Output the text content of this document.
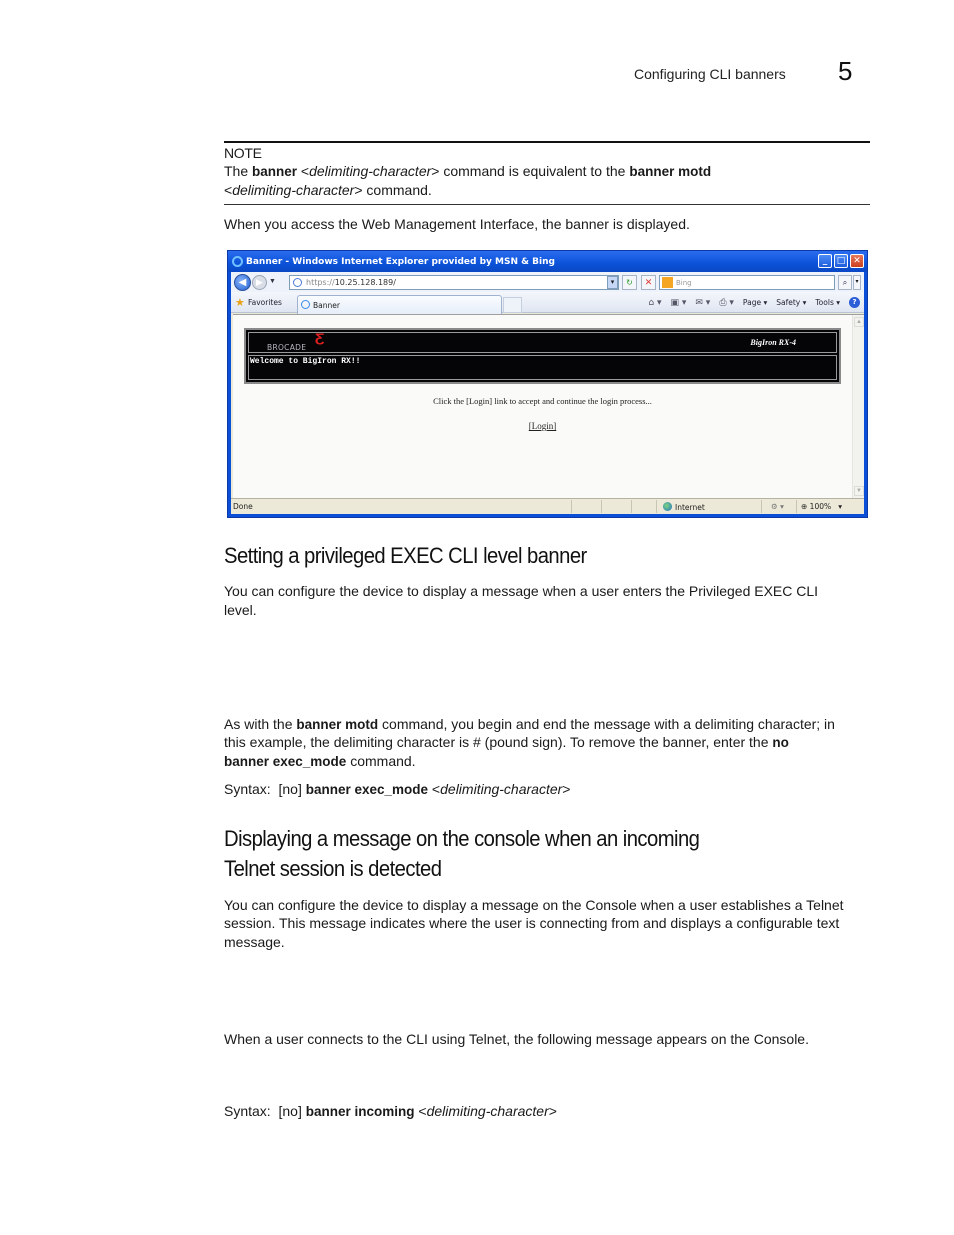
Configuring CLI banners 5
NOTE
The banner <delimiting-character> command is equivalent to the banner motd
<delimiting-character> command.
When you access the Web Management Interface, the banner is displayed.
Banner - Windows Internet Explorer provided by MSN & Bing	_	□ ✕
◀	▶ ▼	https://10.25.128.189/	▾	↻	✕	Bing	⌕	▾
★ Favorites	Banner	⌂ ▾ ▣ ▾ ✉ ▾ ⎙ ▾ Page ▾ Safety ▾ Tools ▾	?
BROCADE
Ƹ	BigIron RX-4
Welcome to BigIron RX!!
Click the [Login] link to accept and continue the login process...
[Login]
▲
▼
Done	Internet	⚙ ▾ ⊕ 100%   ▾
Setting a privileged EXEC CLI level banner
You can configure the device to display a message when a user enters the Privileged EXEC CLI
level.
As with the banner motd command, you begin and end the message with a delimiting character; in
this example, the delimiting character is # (pound sign). To remove the banner, enter the no
banner exec_mode command.
Syntax:  [no] banner exec_mode <delimiting-character>
Displaying a message on the console when an incoming
Telnet session is detected
You can configure the device to display a message on the Console when a user establishes a Telnet
session. This message indicates where the user is connecting from and displays a configurable text
message.
When a user connects to the CLI using Telnet, the following message appears on the Console.
Syntax:  [no] banner incoming <delimiting-character>
